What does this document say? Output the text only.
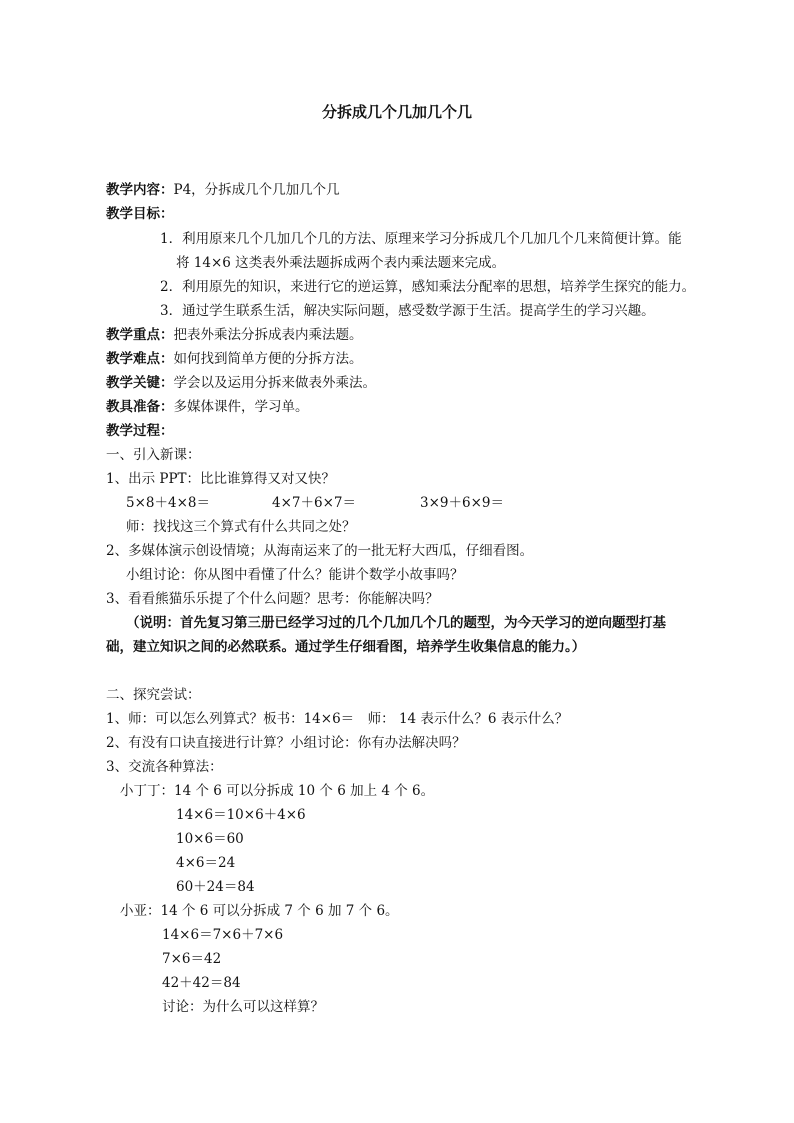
分拆成几个几加几个几
教学内容：P4，分拆成几个几加几个几
教学目标：
1．利用原来几个几加几个几的方法、原理来学习分拆成几个几加几个几来简便计算。能
将 14×6 这类表外乘法题拆成两个表内乘法题来完成。
2．利用原先的知识，来进行它的逆运算，感知乘法分配率的思想，培养学生探究的能力。
3．通过学生联系生活，解决实际问题，感受数学源于生活。提高学生的学习兴趣。
教学重点：把表外乘法分拆成表内乘法题。
教学难点：如何找到简单方便的分拆方法。
教学关键：学会以及运用分拆来做表外乘法。
教具准备：多媒体课件，学习单。
教学过程：
一、引入新课：
1、出示 PPT：比比谁算得又对又快？
5×8＋4×8＝	4×7＋6×7＝	3×9＋6×9＝
师：找找这三个算式有什么共同之处？
2、多媒体演示创设情境；从海南运来了的一批无籽大西瓜，仔细看图。
小组讨论：你从图中看懂了什么？能讲个数学小故事吗？
3、看看熊猫乐乐提了个什么问题？思考：你能解决吗？
（说明：首先复习第三册已经学习过的几个几加几个几的题型，为今天学习的逆向题型打基
础，建立知识之间的必然联系。通过学生仔细看图，培养学生收集信息的能力。）
二、探究尝试：
1、师：可以怎么列算式？板书：14×6＝　师： 14 表示什么？6 表示什么？
2、有没有口诀直接进行计算？小组讨论：你有办法解决吗？
3、交流各种算法：
小丁丁：14 个 6 可以分拆成 10 个 6 加上 4 个 6。
14×6＝10×6＋4×6
10×6＝60
4×6＝24
60＋24＝84
小亚：14 个 6 可以分拆成 7 个 6 加 7 个 6。
14×6＝7×6＋7×6
7×6＝42
42＋42＝84
讨论：为什么可以这样算？
